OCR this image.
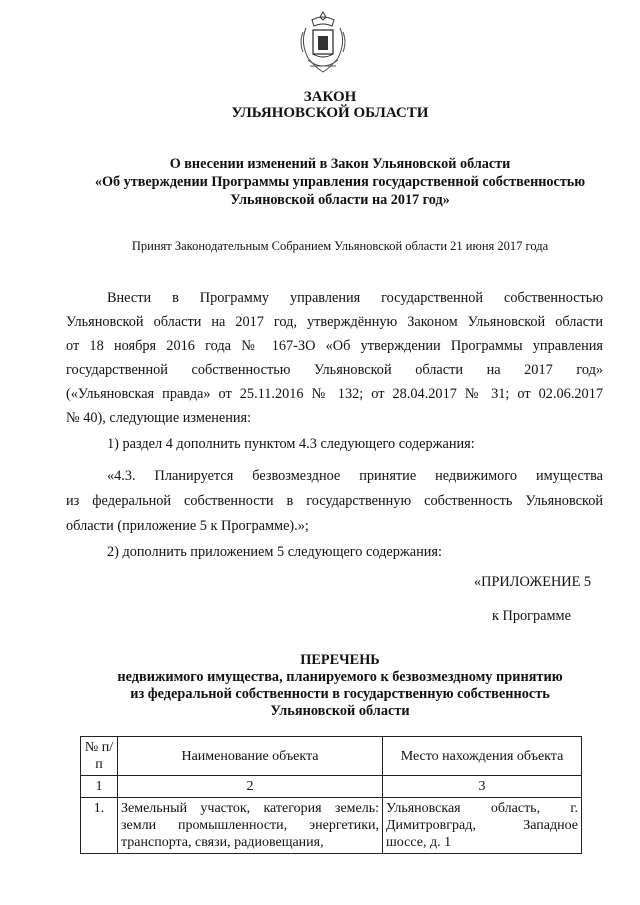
ЗАКОН
УЛЬЯНОВСКОЙ ОБЛАСТИ
О внесении изменений в Закон Ульяновской области
«Об утверждении Программы управления государственной собственностью
Ульяновской области на 2017 год»
Принят Законодательным Собранием Ульяновской области 21 июня 2017 года
Внести в Программу управления государственной собственностью
Ульяновской области на 2017 год, утверждённую Законом Ульяновской области
от 18 ноября 2016 года № 167-ЗО «Об утверждении Программы управления
государственной собственностью Ульяновской области на 2017 год»
(«Ульяновская правда» от 25.11.2016 № 132; от 28.04.2017 № 31; от 02.06.2017
№ 40), следующие изменения:
1) раздел 4 дополнить пунктом 4.3 следующего содержания:
«4.3. Планируется безвозмездное принятие недвижимого имущества
из федеральной собственности в государственную собственность Ульяновской
области (приложение 5 к Программе).»;
2) дополнить приложением 5 следующего содержания:
«ПРИЛОЖЕНИЕ 5
к Программе
ПЕРЕЧЕНЬ
недвижимого имущества, планируемого к безвозмездному принятию
из федеральной собственности в государственную собственность
Ульяновской области
№ п/п	Наименование объекта	Место нахождения объекта
1	2	3
1.	Земельный участок, категория земель: земли промышленности, энергетики, транспорта, связи, радиовещания,	Ульяновская область, г. Димитровград, Западное шоссе, д. 1
